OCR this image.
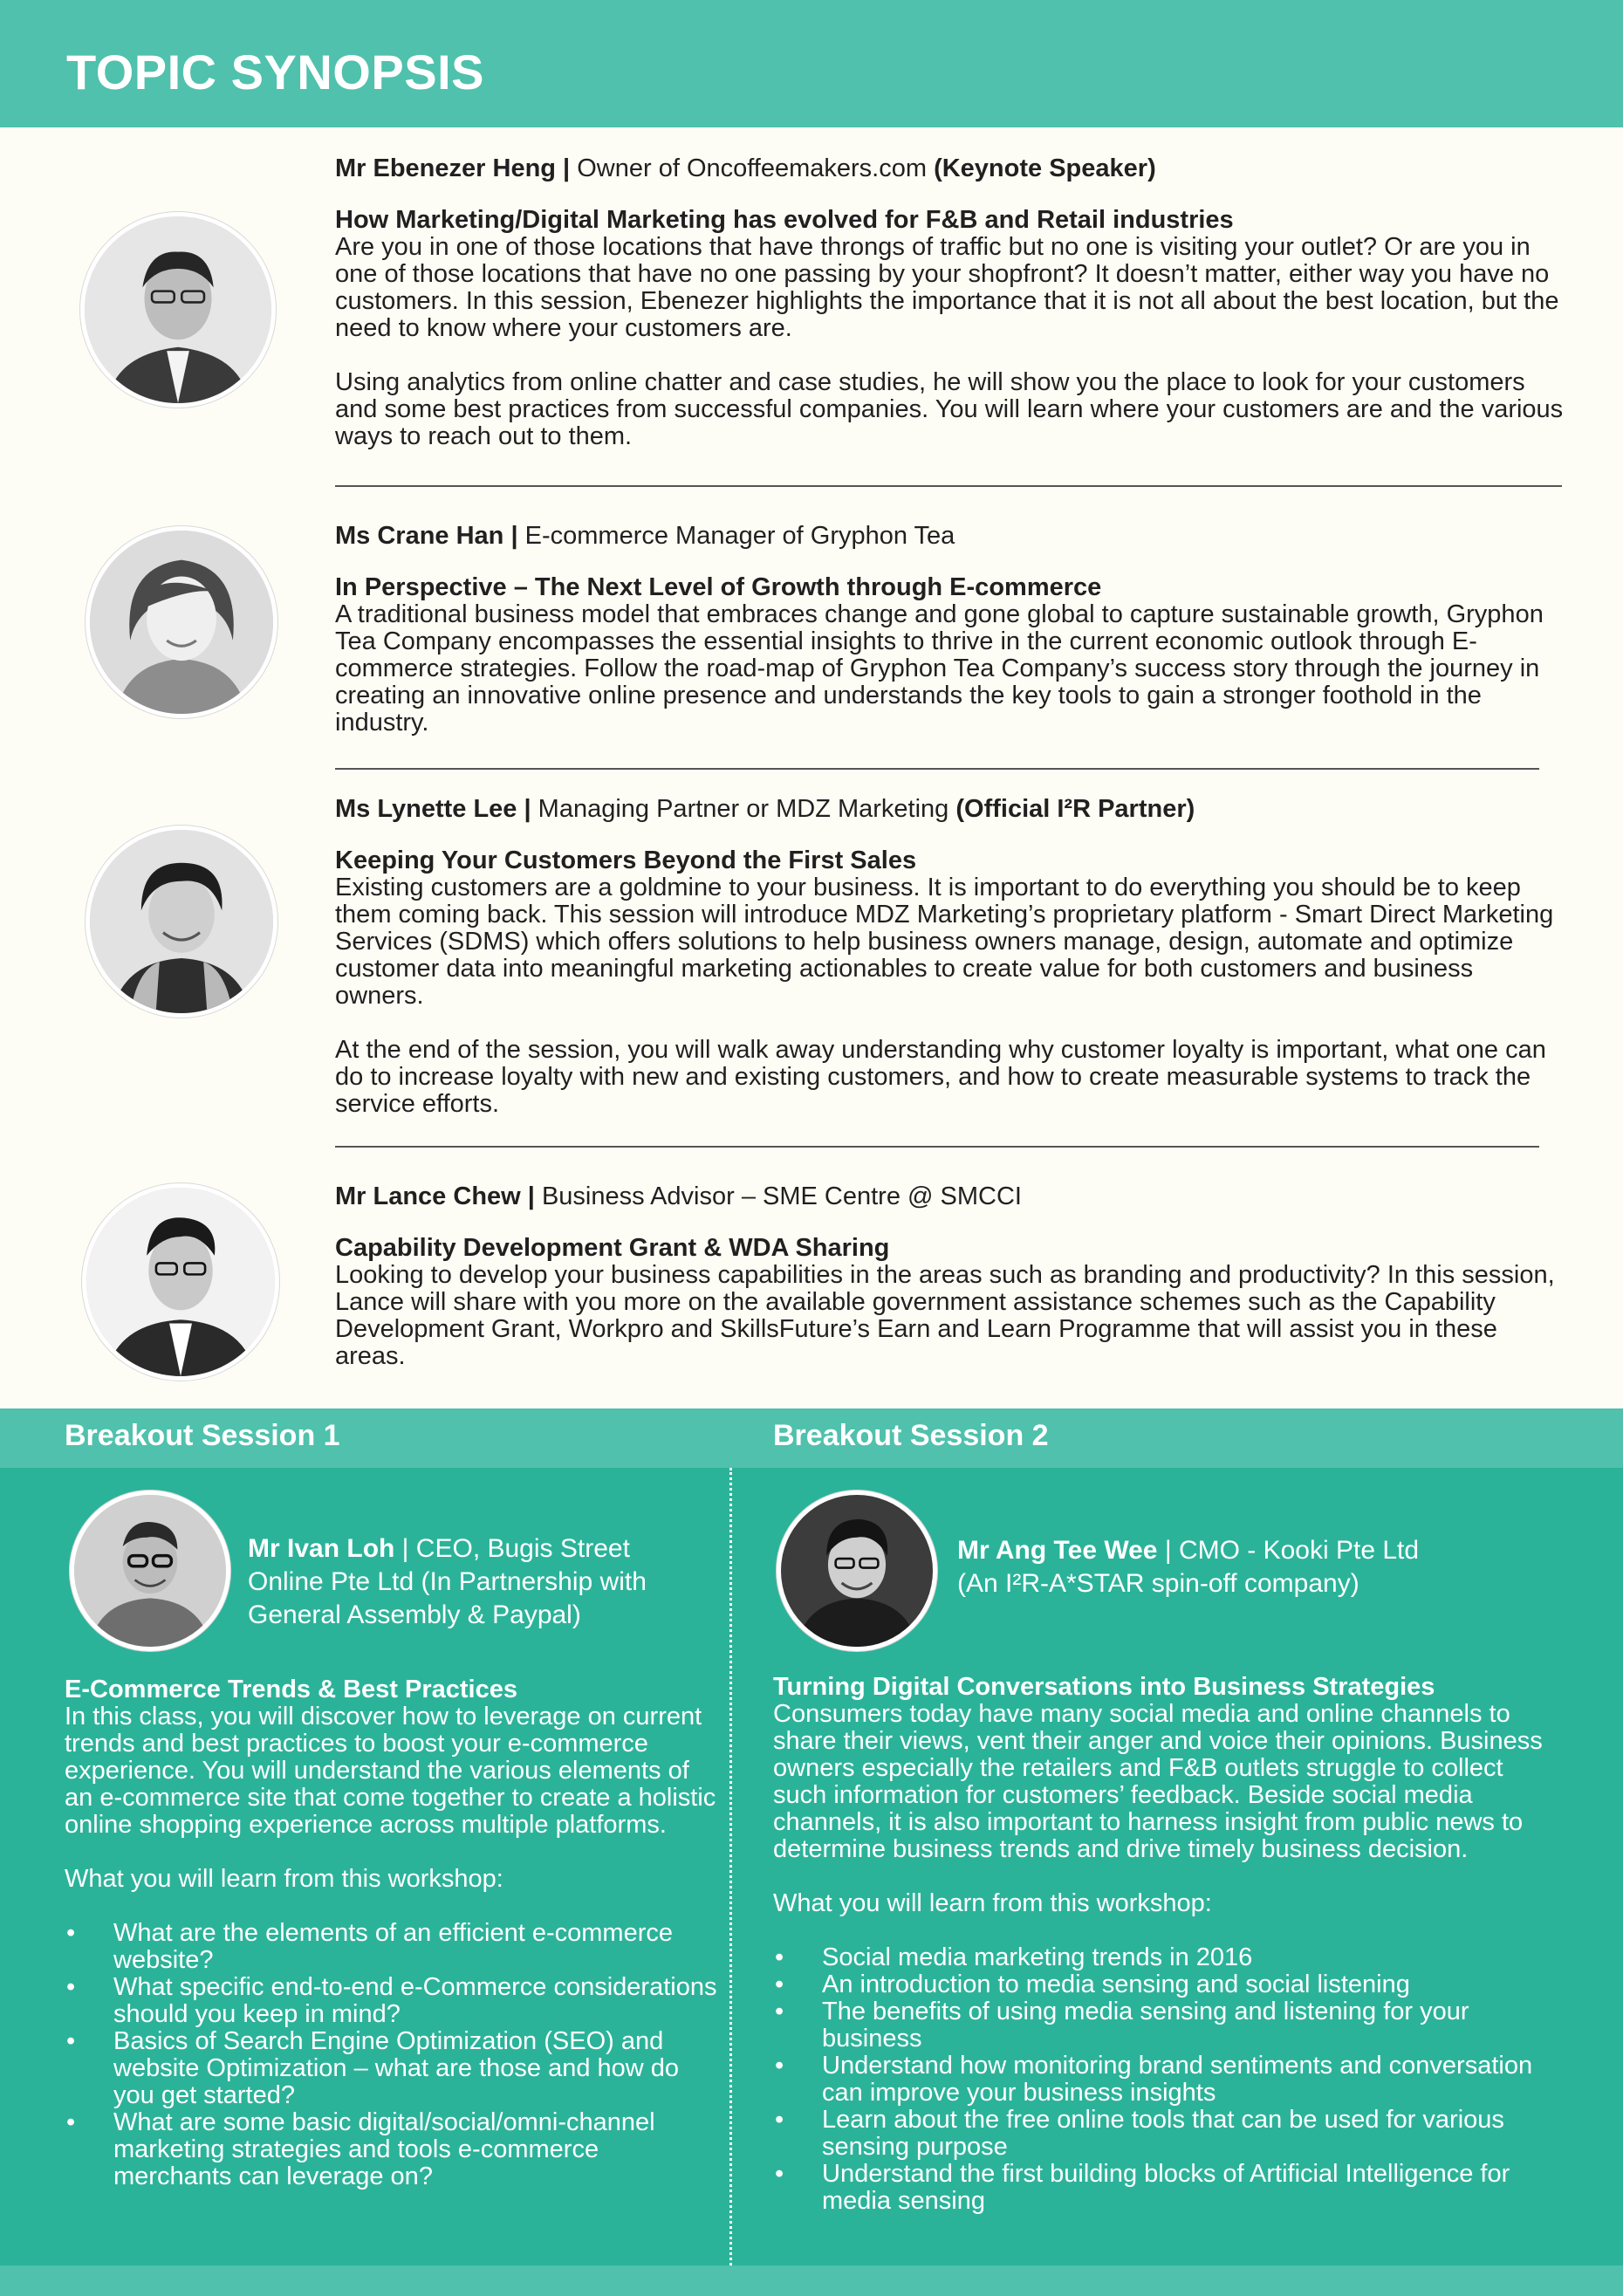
TOPIC SYNOPSIS

Mr Ebenezer Heng | Owner of Oncoffeemakers.com (Keynote Speaker)

How Marketing/Digital Marketing has evolved for F&B and Retail industries

Are you in one of those locations that have throngs of traffic but no one is visiting your outlet? Or are you in one of those locations that have no one passing by your shopfront? It doesn’t matter, either way you have no customers. In this session, Ebenezer highlights the importance that it is not all about the best location, but the need to know where your customers are.

Using analytics from online chatter and case studies, he will show you the place to look for your customers and some best practices from successful companies. You will learn where your customers are and the various ways to reach out to them.

Ms Crane Han | E-commerce Manager of Gryphon Tea

In Perspective – The Next Level of Growth through E-commerce

A traditional business model that embraces change and gone global to capture sustainable growth, Gryphon Tea Company encompasses the essential insights to thrive in the current economic outlook through E-commerce strategies. Follow the road-map of Gryphon Tea Company’s success story through the journey in creating an innovative online presence and understands the key tools to gain a stronger foothold in the industry.

Ms Lynette Lee | Managing Partner or MDZ Marketing (Official I²R Partner)

Keeping Your Customers Beyond the First Sales

Existing customers are a goldmine to your business. It is important to do everything you should be to keep them coming back. This session will introduce MDZ Marketing’s proprietary platform - Smart Direct Marketing Services (SDMS) which offers solutions to help business owners manage, design, automate and optimize customer data into meaningful marketing actionables to create value for both customers and business owners.

At the end of the session, you will walk away understanding why customer loyalty is important, what one can do to increase loyalty with new and existing customers, and how to create measurable systems to track the service efforts.

Mr Lance Chew | Business Advisor – SME Centre @ SMCCI

Capability Development Grant & WDA Sharing

Looking to develop your business capabilities in the areas such as branding and productivity? In this session, Lance will share with you more on the available government assistance schemes such as the Capability Development Grant, Workpro and SkillsFuture’s Earn and Learn Programme that will assist you in these areas.

Breakout Session 1	Breakout Session 2
Mr Ivan Loh | CEO, Bugis Street
Online Pte Ltd (In Partnership with
General Assembly & Paypal)

E-Commerce Trends & Best Practices

In this class, you will discover how to leverage on current trends and best practices to boost your e-commerce experience. You will understand the various elements of an e-commerce site that come together to create a holistic online shopping experience across multiple platforms.

What you will learn from this workshop:

• What are the elements of an efficient e-commerce website?
• What specific end-to-end e-Commerce considerations should you keep in mind?
• Basics of Search Engine Optimization (SEO) and website Optimization – what are those and how do you get started?
• What are some basic digital/social/omni-channel marketing strategies and tools e-commerce merchants can leverage on?
Mr Ang Tee Wee | CMO - Kooki Pte Ltd
(An I²R-A*STAR spin-off company)

Turning Digital Conversations into Business Strategies

Consumers today have many social media and online channels to share their views, vent their anger and voice their opinions. Business owners especially the retailers and F&B outlets struggle to collect such information for customers’ feedback. Beside social media channels, it is also important to harness insight from public news to determine business trends and drive timely business decision.

What you will learn from this workshop:

• Social media marketing trends in 2016
• An introduction to media sensing and social listening
• The benefits of using media sensing and listening for your business
• Understand how monitoring brand sentiments and conversation can improve your business insights
• Learn about the free online tools that can be used for various sensing purpose
• Understand the first building blocks of Artificial Intelligence for media sensing
